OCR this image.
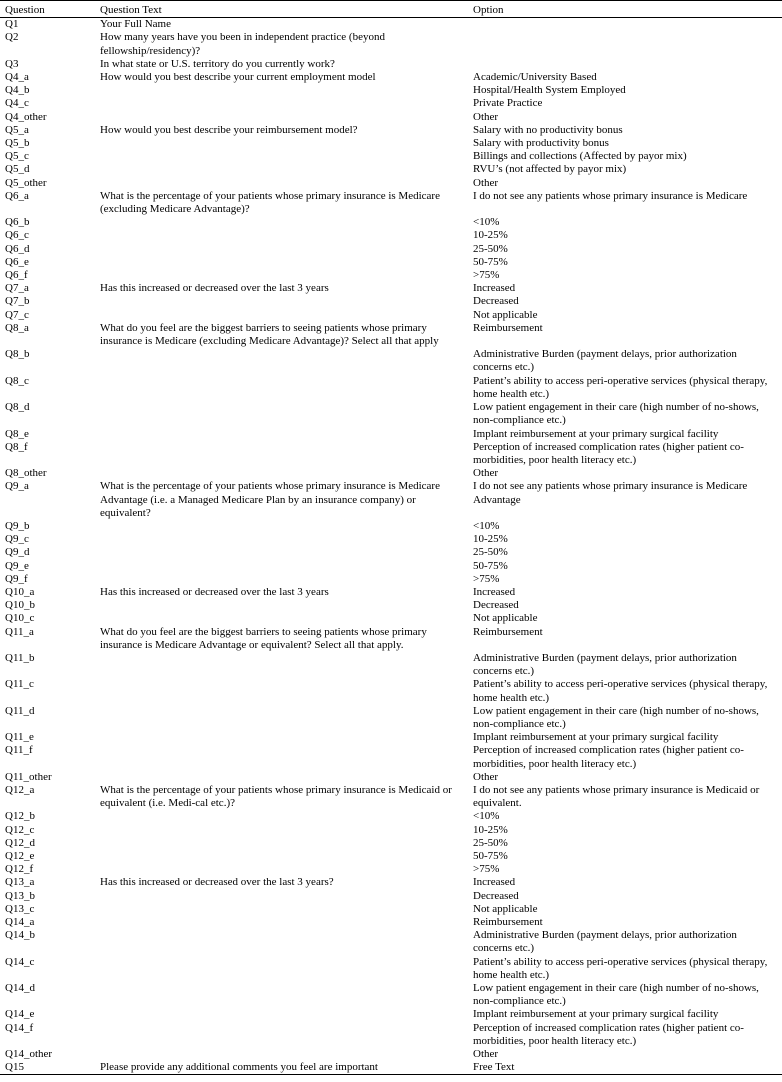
Question	Question Text	Option
Q1	Your Full Name	
Q2	How many years have you been in independent practice (beyond fellowship/residency)?	
Q3	In what state or U.S. territory do you currently work?	
Q4_a	How would you best describe your current employment model	Academic/University Based
Q4_b		Hospital/Health System Employed
Q4_c		Private Practice
Q4_other		Other
Q5_a	How would you best describe your reimbursement model?	Salary with no productivity bonus
Q5_b		Salary with productivity bonus
Q5_c		Billings and collections (Affected by payor mix)
Q5_d		RVU’s (not affected by payor mix)
Q5_other		Other
Q6_a	What is the percentage of your patients whose primary insurance is Medicare (excluding Medicare Advantage)?	I do not see any patients whose primary insurance is Medicare
Q6_b		<10%
Q6_c		10-25%
Q6_d		25-50%
Q6_e		50-75%
Q6_f		>75%
Q7_a	Has this increased or decreased over the last 3 years	Increased
Q7_b		Decreased
Q7_c		Not applicable
Q8_a	What do you feel are the biggest barriers to seeing patients whose primary insurance is Medicare (excluding Medicare Advantage)? Select all that apply	Reimbursement
Q8_b		Administrative Burden (payment delays, prior authorization concerns etc.)
Q8_c		Patient’s ability to access peri-operative services (physical therapy, home health etc.)
Q8_d		Low patient engagement in their care (high number of no-shows, non-compliance etc.)
Q8_e		Implant reimbursement at your primary surgical facility
Q8_f		Perception of increased complication rates (higher patient co-morbidities, poor health literacy etc.)
Q8_other		Other
Q9_a	What is the percentage of your patients whose primary insurance is Medicare Advantage (i.e. a Managed Medicare Plan by an insurance company) or equivalent?	I do not see any patients whose primary insurance is Medicare Advantage
Q9_b		<10%
Q9_c		10-25%
Q9_d		25-50%
Q9_e		50-75%
Q9_f		>75%
Q10_a	Has this increased or decreased over the last 3 years	Increased
Q10_b		Decreased
Q10_c		Not applicable
Q11_a	What do you feel are the biggest barriers to seeing patients whose primary insurance is Medicare Advantage or equivalent? Select all that apply.	Reimbursement
Q11_b		Administrative Burden (payment delays, prior authorization concerns etc.)
Q11_c		Patient’s ability to access peri-operative services (physical therapy, home health etc.)
Q11_d		Low patient engagement in their care (high number of no-shows, non-compliance etc.)
Q11_e		Implant reimbursement at your primary surgical facility
Q11_f		Perception of increased complication rates (higher patient co-morbidities, poor health literacy etc.)
Q11_other		Other
Q12_a	What is the percentage of your patients whose primary insurance is Medicaid or equivalent (i.e. Medi-cal etc.)?	I do not see any patients whose primary insurance is Medicaid or equivalent.
Q12_b		<10%
Q12_c		10-25%
Q12_d		25-50%
Q12_e		50-75%
Q12_f		>75%
Q13_a	Has this increased or decreased over the last 3 years?	Increased
Q13_b		Decreased
Q13_c		Not applicable
Q14_a		Reimbursement
Q14_b		Administrative Burden (payment delays, prior authorization concerns etc.)
Q14_c		Patient’s ability to access peri-operative services (physical therapy, home health etc.)
Q14_d		Low patient engagement in their care (high number of no-shows, non-compliance etc.)
Q14_e		Implant reimbursement at your primary surgical facility
Q14_f		Perception of increased complication rates (higher patient co-morbidities, poor health literacy etc.)
Q14_other		Other
Q15	Please provide any additional comments you feel are important	Free Text
